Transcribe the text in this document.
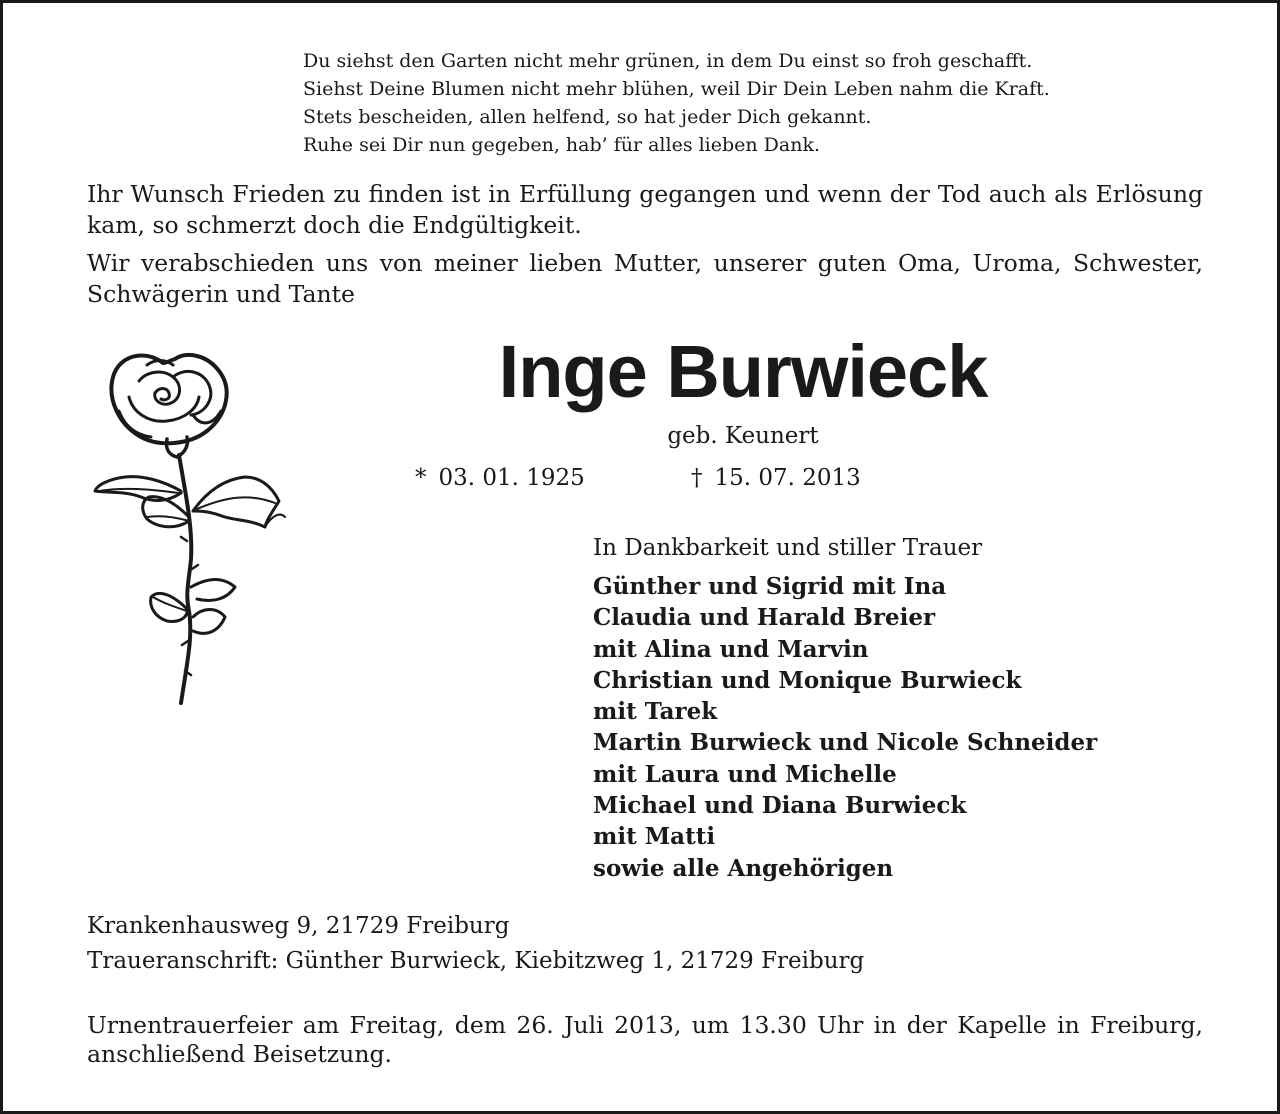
Du siehst den Garten nicht mehr grünen, in dem Du einst so froh geschafft.
Siehst Deine Blumen nicht mehr blühen, weil Dir Dein Leben nahm die Kraft.
Stets bescheiden, allen helfend, so hat jeder Dich gekannt.
Ruhe sei Dir nun gegeben, hab’ für alles lieben Dank.

Ihr Wunsch Frieden zu finden ist in Erfüllung gegangen und wenn der Tod auch als Erlösung kam, so schmerzt doch die Endgültigkeit.

Wir verabschieden uns von meiner lieben Mutter, unserer guten Oma, Uroma, Schwester, Schwägerin und Tante

Inge Burwieck
geb. Keunert
* 03. 01. 1925	† 15. 07. 2013
In Dankbarkeit und stiller Trauer
Günther und Sigrid mit Ina
Claudia und Harald Breier
mit Alina und Marvin
Christian und Monique Burwieck
mit Tarek
Martin Burwieck und Nicole Schneider
mit Laura und Michelle
Michael und Diana Burwieck
mit Matti
sowie alle Angehörigen
Krankenhausweg 9, 21729 Freiburg
Traueranschrift: Günther Burwieck, Kiebitzweg 1, 21729 Freiburg
Urnentrauerfeier am Freitag, dem 26. Juli 2013, um 13.30 Uhr in der Kapelle in Freiburg, anschließend Beisetzung.
